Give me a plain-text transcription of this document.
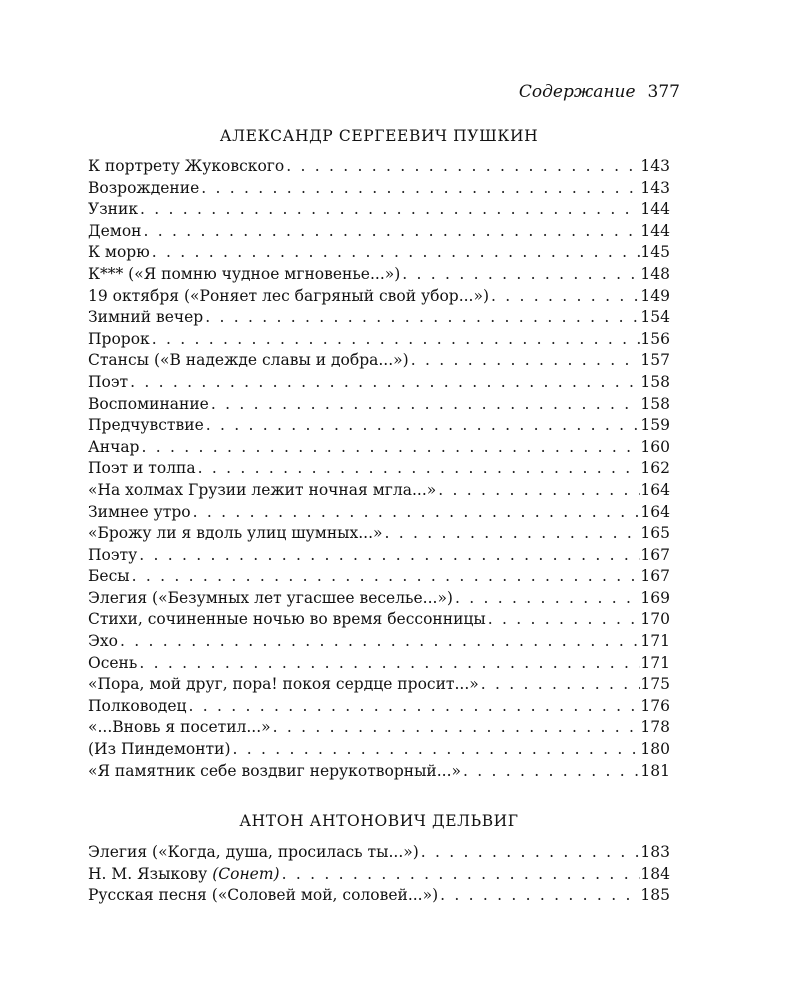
Содержание 377
АЛЕКСАНДР СЕРГЕЕВИЧ ПУШКИН
К портрету Жуковского . . .	143
Возрождение . . .	143
Узник . . .	144
Демон . . .	144
К морю . . .	145
К*** («Я помню чудное мгновенье...») . . .	148
19 октября («Роняет лес багряный свой убор...») . . .	149
Зимний вечер . . .	154
Пророк . . .	156
Стансы («В надежде славы и добра...») . . .	157
Поэт . . .	158
Воспоминание . . .	158
Предчувствие . . .	159
Анчар . . .	160
Поэт и толпа . . .	162
«На холмах Грузии лежит ночная мгла...» . . .	164
Зимнее утро . . .	164
«Брожу ли я вдоль улиц шумных...» . . .	165
Поэту . . .	167
Бесы . . .	167
Элегия («Безумных лет угасшее веселье...») . . .	169
Стихи, сочиненные ночью во время бессонницы . . .	170
Эхо . . .	171
Осень . . .	171
«Пора, мой друг, пора! покоя сердце просит...» . . .	175
Полководец . . .	176
«...Вновь я посетил...» . . .	178
(Из Пиндемонти) . . .	180
«Я памятник себе воздвиг нерукотворный...» . . .	181
АНТОН АНТОНОВИЧ ДЕЛЬВИГ
Элегия («Когда, душа, просилась ты...») . . .	183
Н. М. Языкову (Сонет) . . .	184
Русская песня («Соловей мой, соловей...») . . .	185
